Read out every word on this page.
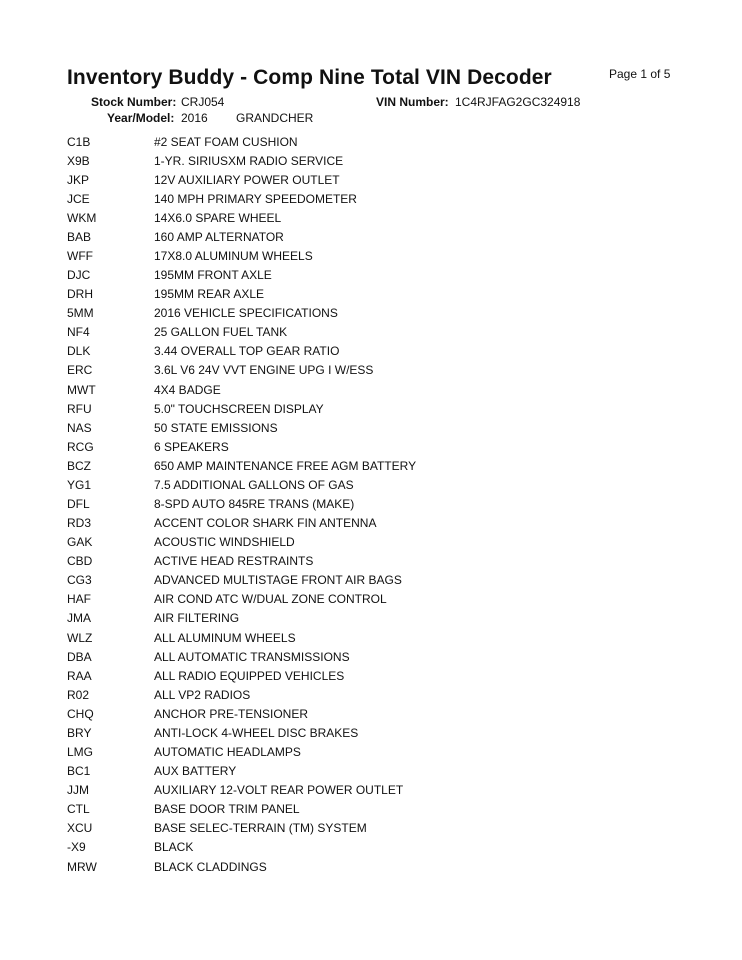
Inventory Buddy - Comp Nine Total VIN Decoder	Page 1 of 5
Stock Number: CRJ054	VIN Number: 1C4RJFAG2GC324918
Year/Model: 2016 GRANDCHER
C1B	#2 SEAT FOAM CUSHION
X9B	1-YR. SIRIUSXM RADIO SERVICE
JKP	12V AUXILIARY POWER OUTLET
JCE	140 MPH PRIMARY SPEEDOMETER
WKM	14X6.0 SPARE WHEEL
BAB	160 AMP ALTERNATOR
WFF	17X8.0 ALUMINUM WHEELS
DJC	195MM FRONT AXLE
DRH	195MM REAR AXLE
5MM	2016 VEHICLE SPECIFICATIONS
NF4	25 GALLON FUEL TANK
DLK	3.44 OVERALL TOP GEAR RATIO
ERC	3.6L V6 24V VVT ENGINE UPG I W/ESS
MWT	4X4 BADGE
RFU	5.0" TOUCHSCREEN DISPLAY
NAS	50 STATE EMISSIONS
RCG	6 SPEAKERS
BCZ	650 AMP MAINTENANCE FREE AGM BATTERY
YG1	7.5 ADDITIONAL GALLONS OF GAS
DFL	8-SPD AUTO 845RE TRANS (MAKE)
RD3	ACCENT COLOR SHARK FIN ANTENNA
GAK	ACOUSTIC WINDSHIELD
CBD	ACTIVE HEAD RESTRAINTS
CG3	ADVANCED MULTISTAGE FRONT AIR BAGS
HAF	AIR COND ATC W/DUAL ZONE CONTROL
JMA	AIR FILTERING
WLZ	ALL ALUMINUM WHEELS
DBA	ALL AUTOMATIC TRANSMISSIONS
RAA	ALL RADIO EQUIPPED VEHICLES
R02	ALL VP2 RADIOS
CHQ	ANCHOR PRE-TENSIONER
BRY	ANTI-LOCK 4-WHEEL DISC BRAKES
LMG	AUTOMATIC HEADLAMPS
BC1	AUX BATTERY
JJM	AUXILIARY 12-VOLT REAR POWER OUTLET
CTL	BASE DOOR TRIM PANEL
XCU	BASE SELEC-TERRAIN (TM) SYSTEM
-X9	BLACK
MRW	BLACK CLADDINGS
